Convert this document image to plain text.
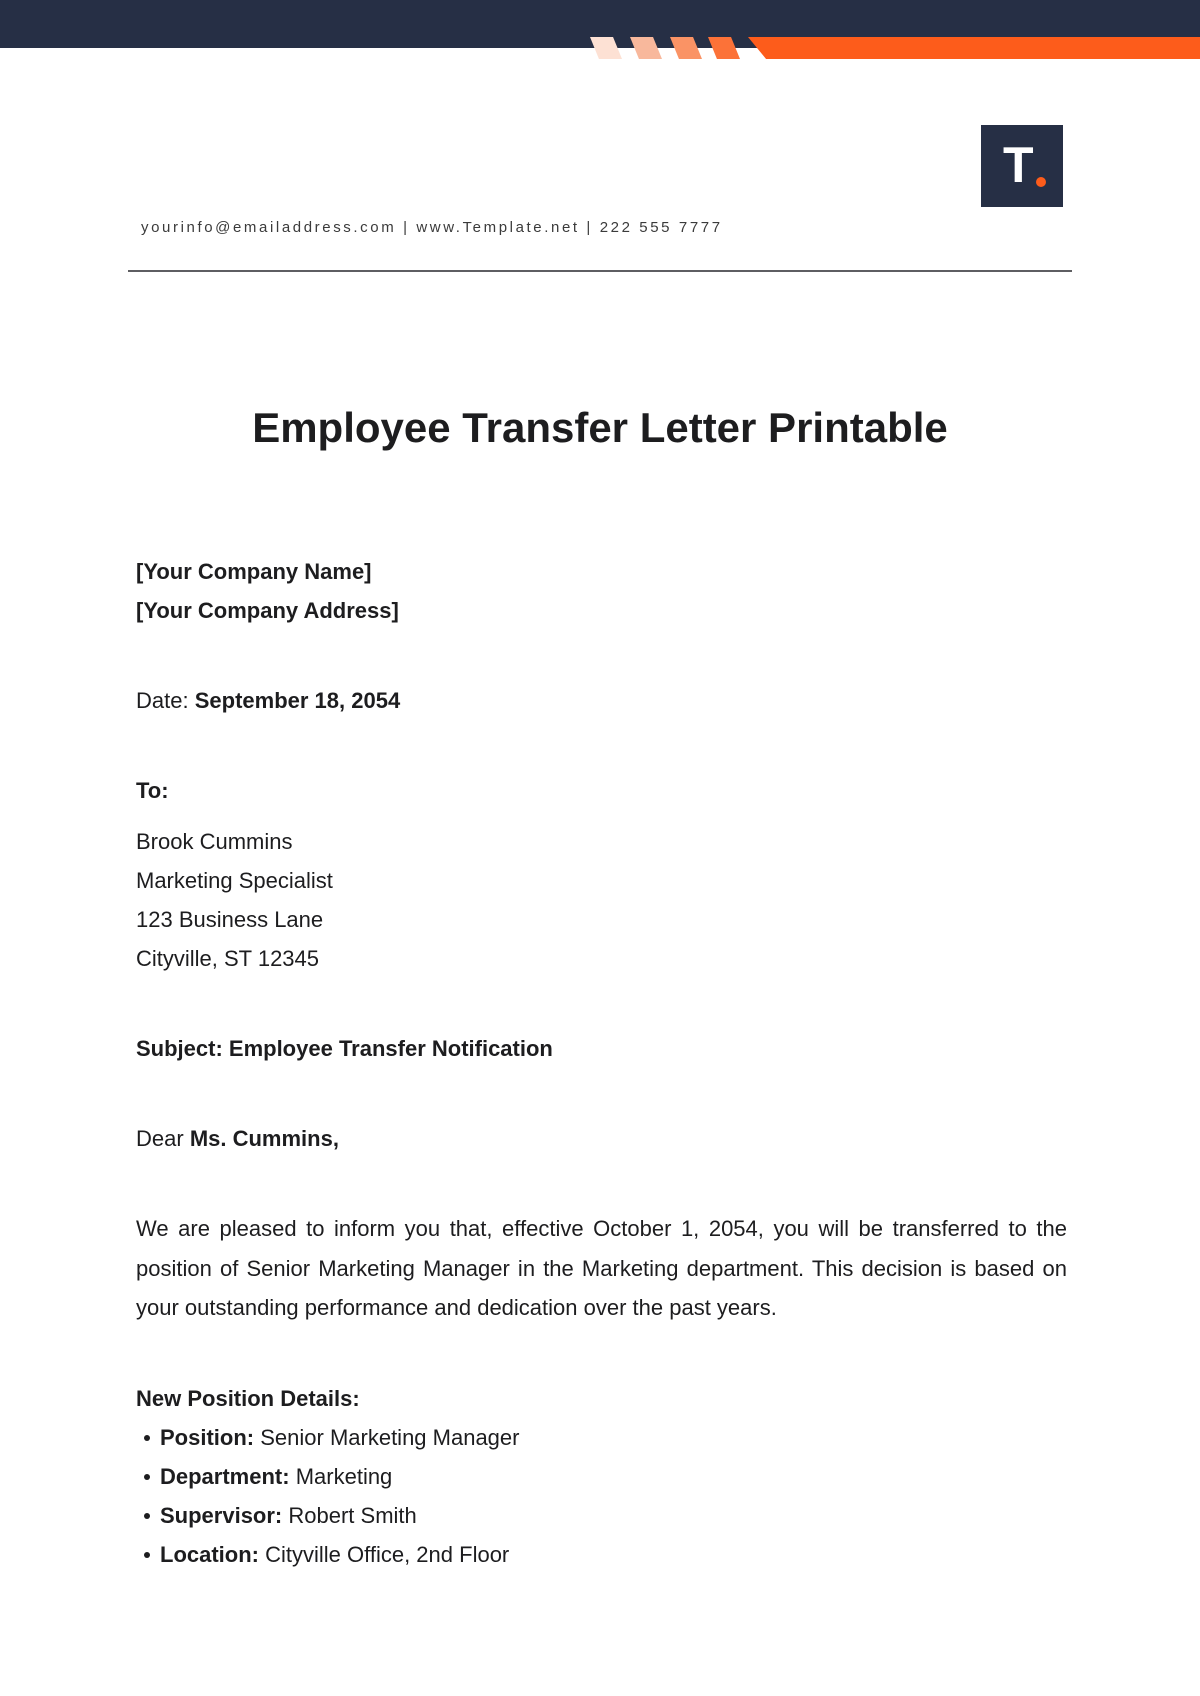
T
yourinfo@emailaddress.com | www.Template.net | 222 555 7777
Employee Transfer Letter Printable

[Your Company Name]

[Your Company Address]

Date: September 18, 2054

To:

Brook Cummins

Marketing Specialist

123 Business Lane

Cityville, ST 12345

Subject: Employee Transfer Notification

Dear Ms. Cummins,

We are pleased to inform you that, effective October 1, 2054, you will be transferred to the position of Senior Marketing Manager in the Marketing department. This decision is based on your outstanding performance and dedication over the past years.

New Position Details:

Position: Senior Marketing Manager
Department: Marketing
Supervisor: Robert Smith
Location: Cityville Office, 2nd Floor
